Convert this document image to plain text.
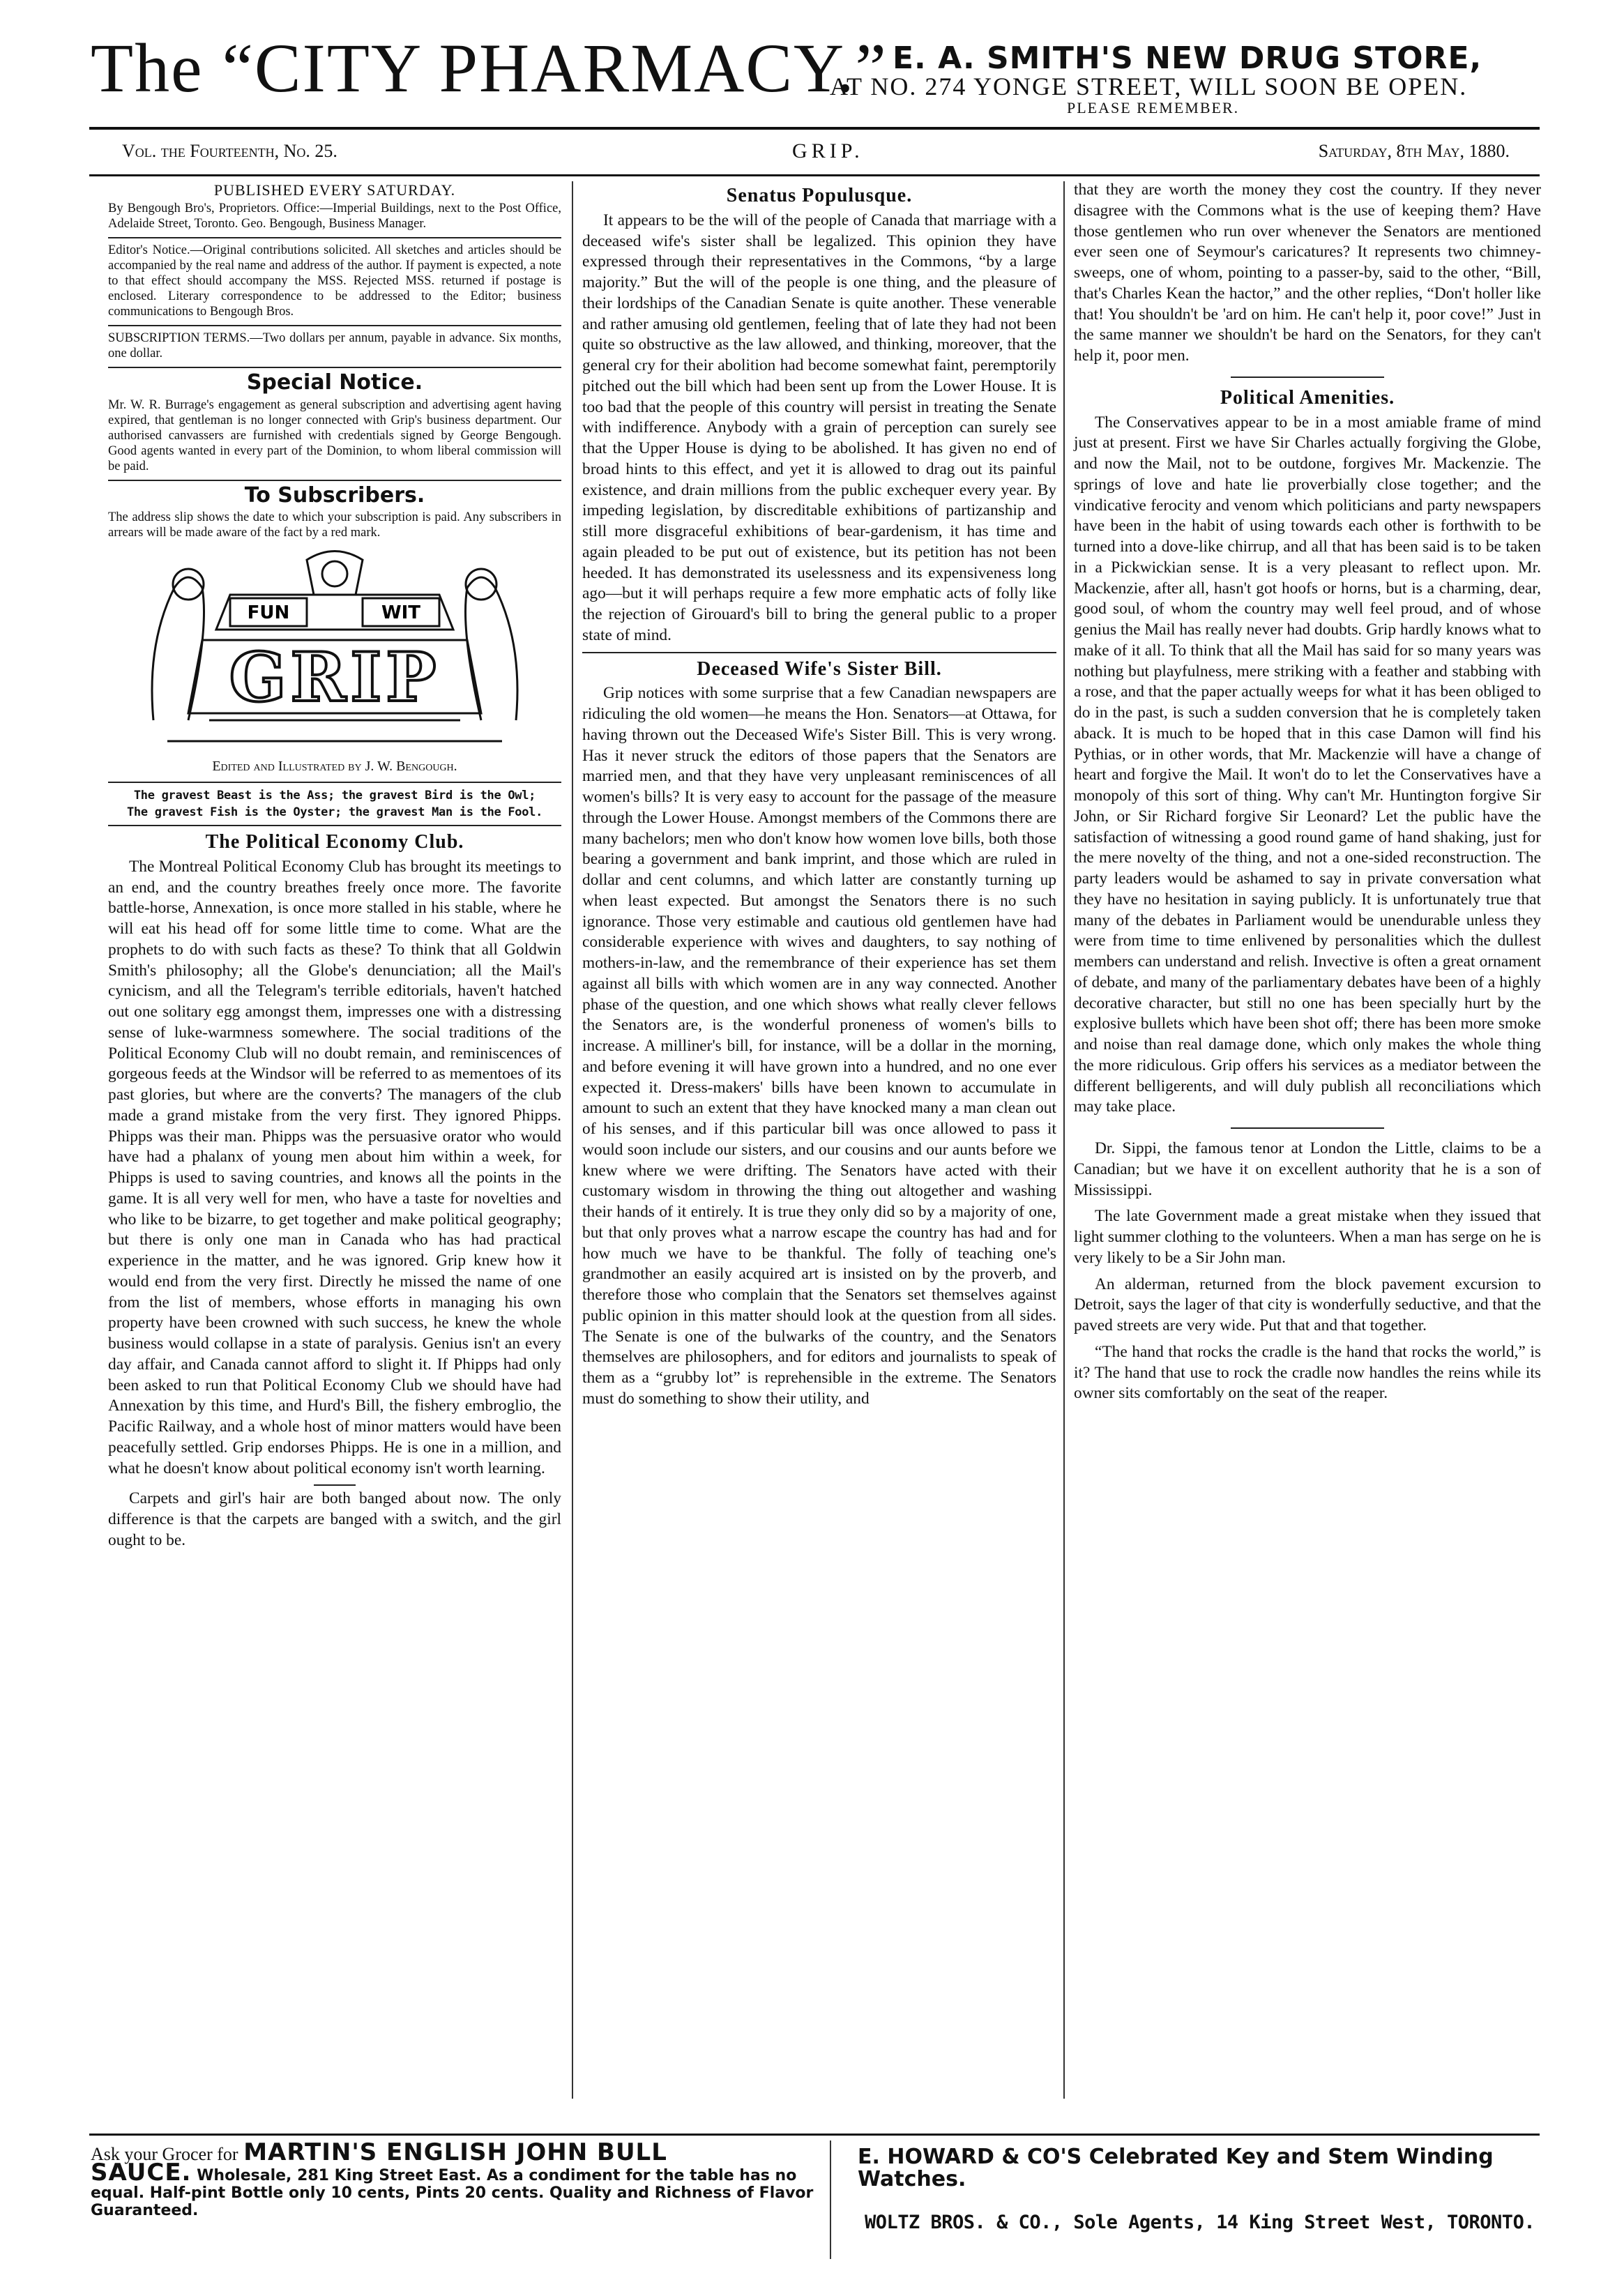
The “CITY PHARMACY.” E. A. SMITH'S NEW DRUG STORE,
AT NO. 274 YONGE STREET, WILL SOON BE OPEN.
PLEASE REMEMBER.
Vol. the Fourteenth, No. 25.	GRIP.	Saturday, 8th May, 1880.
PUBLISHED EVERY SATURDAY.

By Bengough Bro's, Proprietors. Office:—Imperial Buildings, next to the Post Office, Adelaide Street, Toronto. Geo. Bengough, Business Manager.

Editor's Notice.—Original contributions solicited. All sketches and articles should be accompanied by the real name and address of the author. If payment is expected, a note to that effect should accompany the MSS. Rejected MSS. returned if postage is enclosed. Literary correspondence to be addressed to the Editor; business communications to Bengough Bros.

SUBSCRIPTION TERMS.—Two dollars per annum, payable in advance. Six months, one dollar.

Special Notice.

Mr. W. R. Burrage's engagement as general subscription and advertising agent having expired, that gentleman is no longer connected with Grip's business department. Our authorised canvassers are furnished with credentials signed by George Bengough. Good agents wanted in every part of the Dominion, to whom liberal commission will be paid.

To Subscribers.

The address slip shows the date to which your subscription is paid. Any subscribers in arrears will be made aware of the fact by a red mark.

FUN	WIT
GRIP
Edited and Illustrated by J. W. Bengough.
The gravest Beast is the Ass; the gravest Bird is the Owl;
The gravest Fish is the Oyster; the gravest Man is the Fool.
The Political Economy Club.

The Montreal Political Economy Club has brought its meetings to an end, and the country breathes freely once more. The favorite battle-horse, Annexation, is once more stalled in his stable, where he will eat his head off for some little time to come. What are the prophets to do with such facts as these? To think that all Goldwin Smith's philosophy; all the Globe's denunciation; all the Mail's cynicism, and all the Telegram's terrible editorials, haven't hatched out one solitary egg amongst them, impresses one with a distressing sense of luke-warmness somewhere. The social traditions of the Political Economy Club will no doubt remain, and reminiscences of gorgeous feeds at the Windsor will be referred to as mementoes of its past glories, but where are the converts? The managers of the club made a grand mistake from the very first. They ignored Phipps. Phipps was their man. Phipps was the persuasive orator who would have had a phalanx of young men about him within a week, for Phipps is used to saving countries, and knows all the points in the game. It is all very well for men, who have a taste for novelties and who like to be bizarre, to get together and make political geography; but there is only one man in Canada who has had practical experience in the matter, and he was ignored. Grip knew how it would end from the very first. Directly he missed the name of one from the list of members, whose efforts in managing his own property have been crowned with such success, he knew the whole business would collapse in a state of paralysis. Genius isn't an every day affair, and Canada cannot afford to slight it. If Phipps had only been asked to run that Political Economy Club we should have had Annexation by this time, and Hurd's Bill, the fishery embroglio, the Pacific Railway, and a whole host of minor matters would have been peacefully settled. Grip endorses Phipps. He is one in a million, and what he doesn't know about political economy isn't worth learning.

Carpets and girl's hair are both banged about now. The only difference is that the carpets are banged with a switch, and the girl ought to be.

Senatus Populusque.

It appears to be the will of the people of Canada that marriage with a deceased wife's sister shall be legalized. This opinion they have expressed through their representatives in the Commons, “by a large majority.” But the will of the people is one thing, and the pleasure of their lordships of the Canadian Senate is quite another. These venerable and rather amusing old gentlemen, feeling that of late they had not been quite so obstructive as the law allowed, and thinking, moreover, that the general cry for their abolition had become somewhat faint, peremptorily pitched out the bill which had been sent up from the Lower House. It is too bad that the people of this country will persist in treating the Senate with indifference. Anybody with a grain of perception can surely see that the Upper House is dying to be abolished. It has given no end of broad hints to this effect, and yet it is allowed to drag out its painful existence, and drain millions from the public exchequer every year. By impeding legislation, by discreditable exhibitions of partizanship and still more disgraceful exhibitions of bear-gardenism, it has time and again pleaded to be put out of existence, but its petition has not been heeded. It has demonstrated its uselessness and its expensiveness long ago—but it will perhaps require a few more emphatic acts of folly like the rejection of Girouard's bill to bring the general public to a proper state of mind.

Deceased Wife's Sister Bill.

Grip notices with some surprise that a few Canadian newspapers are ridiculing the old women—he means the Hon. Senators—at Ottawa, for having thrown out the Deceased Wife's Sister Bill. This is very wrong. Has it never struck the editors of those papers that the Senators are married men, and that they have very unpleasant reminiscences of all women's bills? It is very easy to account for the passage of the measure through the Lower House. Amongst members of the Commons there are many bachelors; men who don't know how women love bills, both those bearing a government and bank imprint, and those which are ruled in dollar and cent columns, and which latter are constantly turning up when least expected. But amongst the Senators there is no such ignorance. Those very estimable and cautious old gentlemen have had considerable experience with wives and daughters, to say nothing of mothers-in-law, and the remembrance of their experience has set them against all bills with which women are in any way connected. Another phase of the question, and one which shows what really clever fellows the Senators are, is the wonderful proneness of women's bills to increase. A milliner's bill, for instance, will be a dollar in the morning, and before evening it will have grown into a hundred, and no one ever expected it. Dress-makers' bills have been known to accumulate in amount to such an extent that they have knocked many a man clean out of his senses, and if this particular bill was once allowed to pass it would soon include our sisters, and our cousins and our aunts before we knew where we were drifting. The Senators have acted with their customary wisdom in throwing the thing out altogether and washing their hands of it entirely. It is true they only did so by a majority of one, but that only proves what a narrow escape the country has had and for how much we have to be thankful. The folly of teaching one's grandmother an easily acquired art is insisted on by the proverb, and therefore those who complain that the Senators set themselves against public opinion in this matter should look at the question from all sides. The Senate is one of the bulwarks of the country, and the Senators themselves are philosophers, and for editors and journalists to speak of them as a “grubby lot” is reprehensible in the extreme. The Senators must do something to show their utility, and

that they are worth the money they cost the country. If they never disagree with the Commons what is the use of keeping them? Have those gentlemen who run over whenever the Senators are mentioned ever seen one of Seymour's caricatures? It represents two chimney-sweeps, one of whom, pointing to a passer-by, said to the other, “Bill, that's Charles Kean the hactor,” and the other replies, “Don't holler like that! You shouldn't be 'ard on him. He can't help it, poor cove!” Just in the same manner we shouldn't be hard on the Senators, for they can't help it, poor men.

Political Amenities.

The Conservatives appear to be in a most amiable frame of mind just at present. First we have Sir Charles actually forgiving the Globe, and now the Mail, not to be outdone, forgives Mr. Mackenzie. The springs of love and hate lie proverbially close together; and the vindicative ferocity and venom which politicians and party newspapers have been in the habit of using towards each other is forthwith to be turned into a dove-like chirrup, and all that has been said is to be taken in a Pickwickian sense. It is a very pleasant to reflect upon. Mr. Mackenzie, after all, hasn't got hoofs or horns, but is a charming, dear, good soul, of whom the country may well feel proud, and of whose genius the Mail has really never had doubts. Grip hardly knows what to make of it all. To think that all the Mail has said for so many years was nothing but playfulness, mere striking with a feather and stabbing with a rose, and that the paper actually weeps for what it has been obliged to do in the past, is such a sudden conversion that he is completely taken aback. It is much to be hoped that in this case Damon will find his Pythias, or in other words, that Mr. Mackenzie will have a change of heart and forgive the Mail. It won't do to let the Conservatives have a monopoly of this sort of thing. Why can't Mr. Huntington forgive Sir John, or Sir Richard forgive Sir Leonard? Let the public have the satisfaction of witnessing a good round game of hand shaking, just for the mere novelty of the thing, and not a one-sided reconstruction. The party leaders would be ashamed to say in private conversation what they have no hesitation in saying publicly. It is unfortunately true that many of the debates in Parliament would be unendurable unless they were from time to time enlivened by personalities which the dullest members can understand and relish. Invective is often a great ornament of debate, and many of the parliamentary debates have been of a highly decorative character, but still no one has been specially hurt by the explosive bullets which have been shot off; there has been more smoke and noise than real damage done, which only makes the whole thing the more ridiculous. Grip offers his services as a mediator between the different belligerents, and will duly publish all reconciliations which may take place.

Dr. Sippi, the famous tenor at London the Little, claims to be a Canadian; but we have it on excellent authority that he is a son of Mississippi.

The late Government made a great mistake when they issued that light summer clothing to the volunteers. When a man has serge on he is very likely to be a Sir John man.

An alderman, returned from the block pavement excursion to Detroit, says the lager of that city is wonderfully seductive, and that the paved streets are very wide. Put that and that together.

“The hand that rocks the cradle is the hand that rocks the world,” is it? The hand that use to rock the cradle now handles the reins while its owner sits comfortably on the seat of the reaper.

Ask your Grocer for MARTIN'S ENGLISH JOHN BULL
SAUCE. Wholesale, 281 King Street East. As a condiment for the table has no equal. Half-pint Bottle only 10 cents, Pints 20 cents. Quality and Richness of Flavor Guaranteed.
E. HOWARD & CO'S Celebrated Key and Stem Winding Watches.
WOLTZ BROS. & CO., Sole Agents, 14 King Street West, TORONTO.
